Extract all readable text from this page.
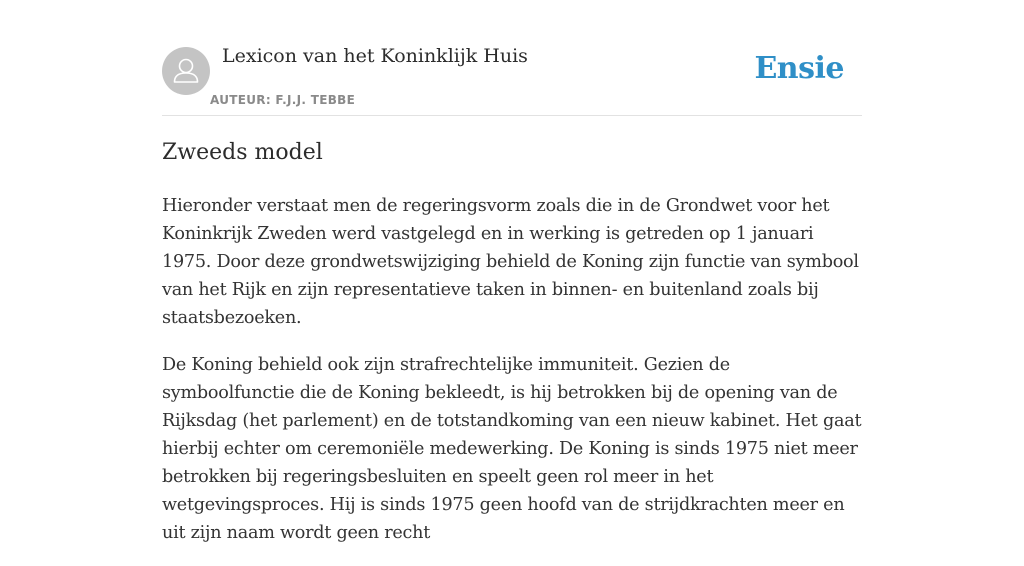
Lexicon van het Koninklijk Huis
AUTEUR: F.J.J. TEBBE
Ensie
Zweeds model

Hieronder verstaat men de regeringsvorm zoals die in de Grondwet voor het Koninkrijk Zweden werd vastgelegd en in werking is getreden op 1 januari 1975. Door deze grondwetswijziging behield de Koning zijn functie van symbool van het Rijk en zijn representatieve taken in binnen- en buitenland zoals bij staatsbezoeken.

De Koning behield ook zijn strafrechtelijke immuniteit. Gezien de symboolfunctie die de Koning bekleedt, is hij betrokken bij de opening van de Rijksdag (het parlement) en de totstandkoming van een nieuw kabinet. Het gaat hierbij echter om ceremoniële medewerking. De Koning is sinds 1975 niet meer betrokken bij regeringsbesluiten en speelt geen rol meer in het wetgevingsproces. Hij is sinds 1975 geen hoofd van de strijdkrachten meer en uit zijn naam wordt geen recht
